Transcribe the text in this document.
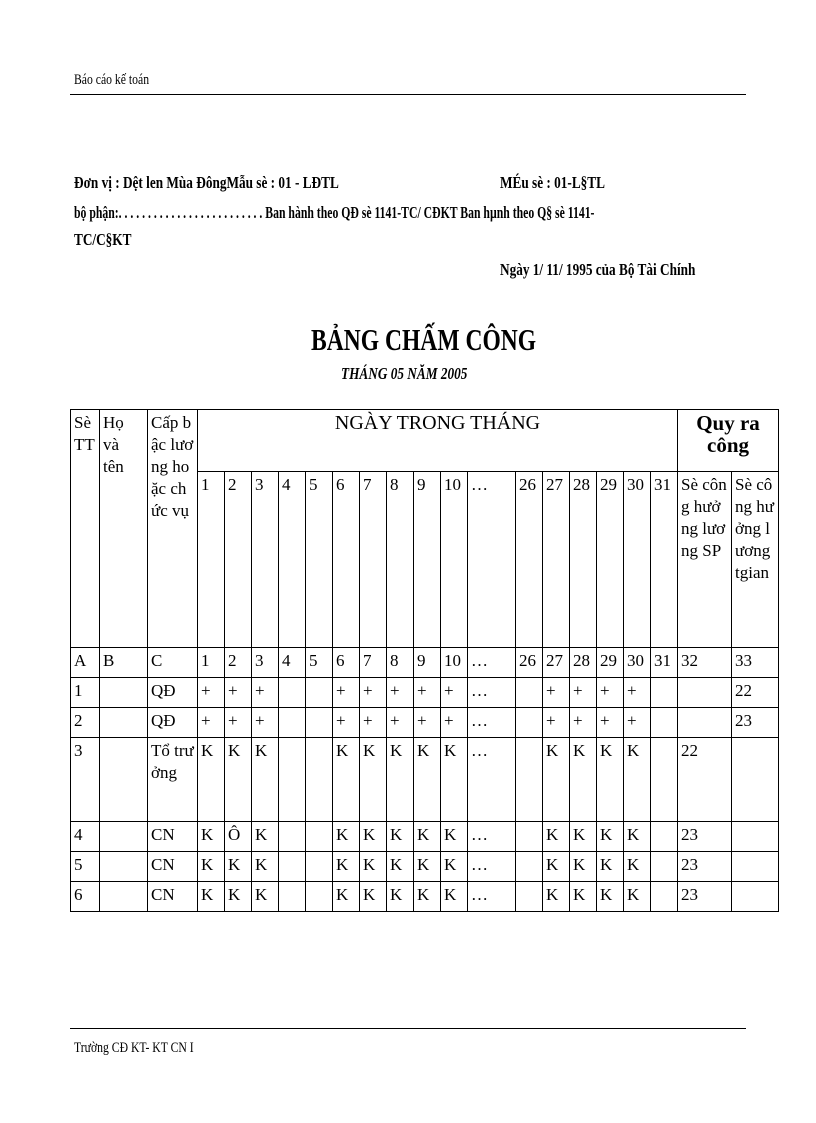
Báo cáo kế toán
Đơn vị : Dệt len Mùa ĐôngMẫu sè : 01 - LĐTL	MÉu sè : 01-L§TL
bộ phận:. . . . . . . . . . . . . . . . . . . . . . . . . Ban hành theo QĐ sè 1141-TC/ CĐKT Ban hµnh theo Q§ sè 1141-
TC/C§KT
Ngày 1/ 11/ 1995 của Bộ Tài Chính
BẢNG CHẤM CÔNG
THÁNG 05 NĂM 2005
Sè TT	Họ và tên	Cấp bậc lương hoặc chức vụ	NGÀY TRONG THÁNG																	Quy ra công	
			1	2	3	4	5	6	7	8	9	10	…	26	27	28	29	30	31	Sè công hưởng lương SP	Sè công hưởng lương tgian
A	B	C	1	2	3	4	5	6	7	8	9	10	…	26	27	28	29	30	31	32	33
1		QĐ	+	+	+			+	+	+	+	+	…		+	+	+	+			22
2		QĐ	+	+	+			+	+	+	+	+	…		+	+	+	+			23
3		Tổ trưởng	K	K	K			K	K	K	K	K	…		K	K	K	K		22	
4		CN	K	Ô	K			K	K	K	K	K	…		K	K	K	K		23	
5		CN	K	K	K			K	K	K	K	K	…		K	K	K	K		23	
6		CN	K	K	K			K	K	K	K	K	…		K	K	K	K		23	
Trường CĐ KT- KT CN I
